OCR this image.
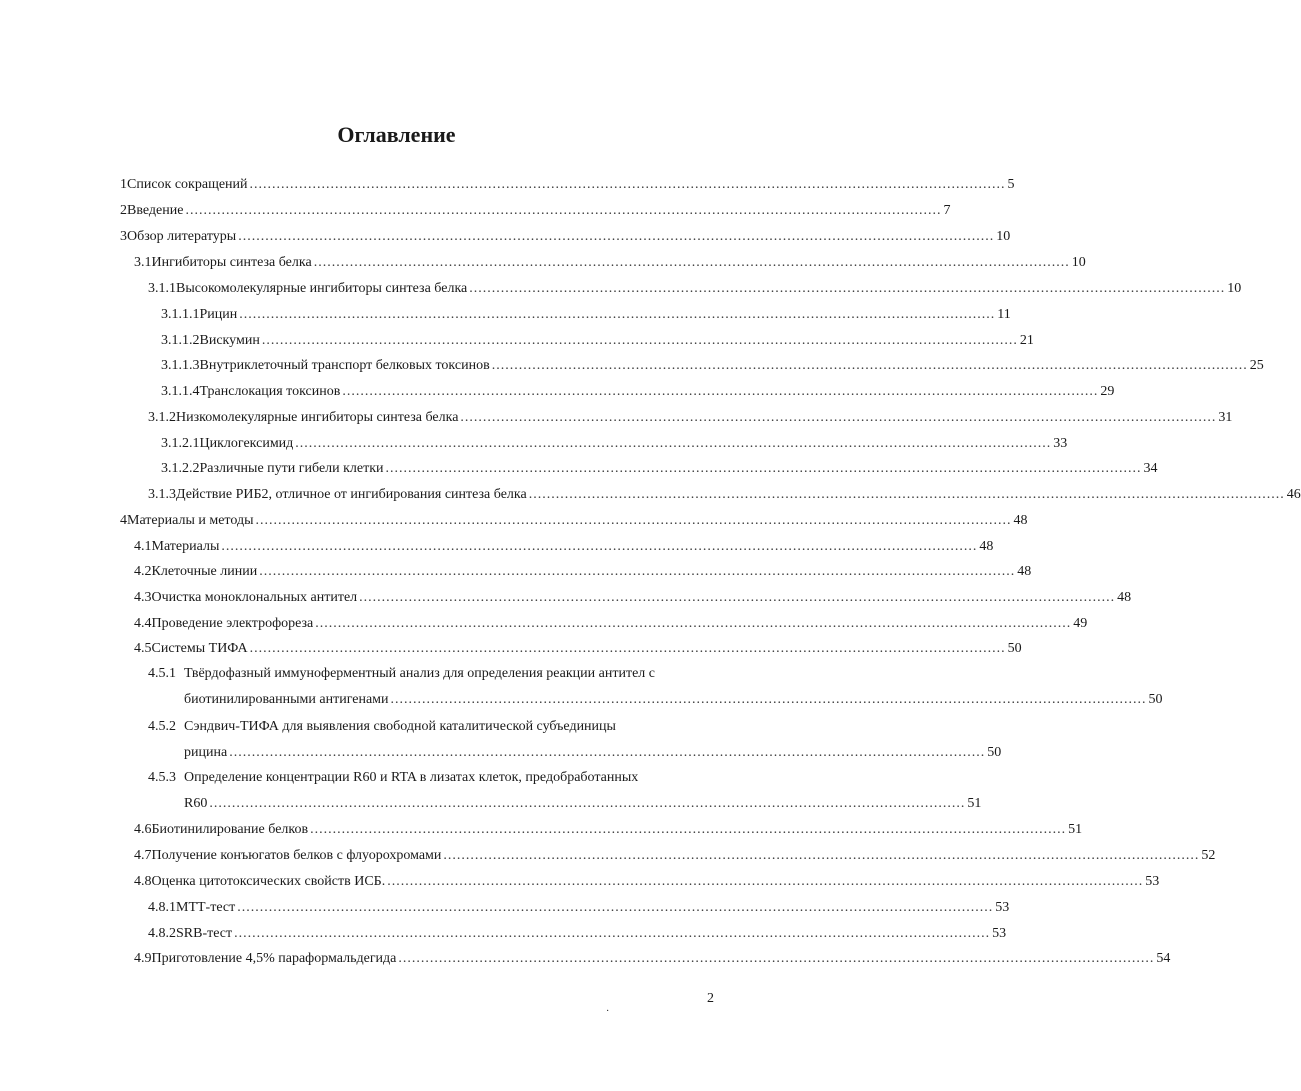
Оглавление
1 Список сокращений ........................................................................................................................................................................ 5
2 Введение ........................................................................................................................................................................ 7
3 Обзор литературы ........................................................................................................................................................................ 10
3.1 Ингибиторы синтеза белка ........................................................................................................................................................................ 10
3.1.1 Высокомолекулярные ингибиторы синтеза белка ........................................................................................................................................................................ 10
3.1.1.1 Рицин ........................................................................................................................................................................ 11
3.1.1.2 Вискумин ........................................................................................................................................................................ 21
3.1.1.3 Внутриклеточный транспорт белковых токсинов ........................................................................................................................................................................ 25
3.1.1.4 Транслокация токсинов ........................................................................................................................................................................ 29
3.1.2 Низкомолекулярные ингибиторы синтеза белка ........................................................................................................................................................................ 31
3.1.2.1 Циклогексимид ........................................................................................................................................................................ 33
3.1.2.2 Различные пути гибели клетки ........................................................................................................................................................................ 34
3.1.3 Действие РИБ2, отличное от ингибирования синтеза белка ........................................................................................................................................................................ 46
4 Материалы и методы ........................................................................................................................................................................ 48
4.1 Материалы ........................................................................................................................................................................ 48
4.2 Клеточные линии ........................................................................................................................................................................ 48
4.3 Очистка моноклональных антител ........................................................................................................................................................................ 48
4.4 Проведение электрофореза ........................................................................................................................................................................ 49
4.5 Системы ТИФА ........................................................................................................................................................................ 50
4.5.1 Твёрдофазный иммуноферментный анализ для определения реакции антител с
биотинилированными антигенами ........................................................................................................................................................................ 50
4.5.2 Сэндвич-ТИФА для выявления свободной каталитической субъединицы
рицина ........................................................................................................................................................................ 50
4.5.3 Определение концентрации R60 и RTA в лизатах клеток, предобработанных
R60 ........................................................................................................................................................................ 51
4.6 Биотинилирование белков ........................................................................................................................................................................ 51
4.7 Получение конъюгатов белков с флуорохромами ........................................................................................................................................................................ 52
4.8 Оценка цитотоксических свойств ИСБ. ........................................................................................................................................................................ 53
4.8.1 МТТ-тест ........................................................................................................................................................................ 53
4.8.2 SRB-тест ........................................................................................................................................................................ 53
4.9 Приготовление 4,5% параформальдегида ........................................................................................................................................................................ 54
2
·
